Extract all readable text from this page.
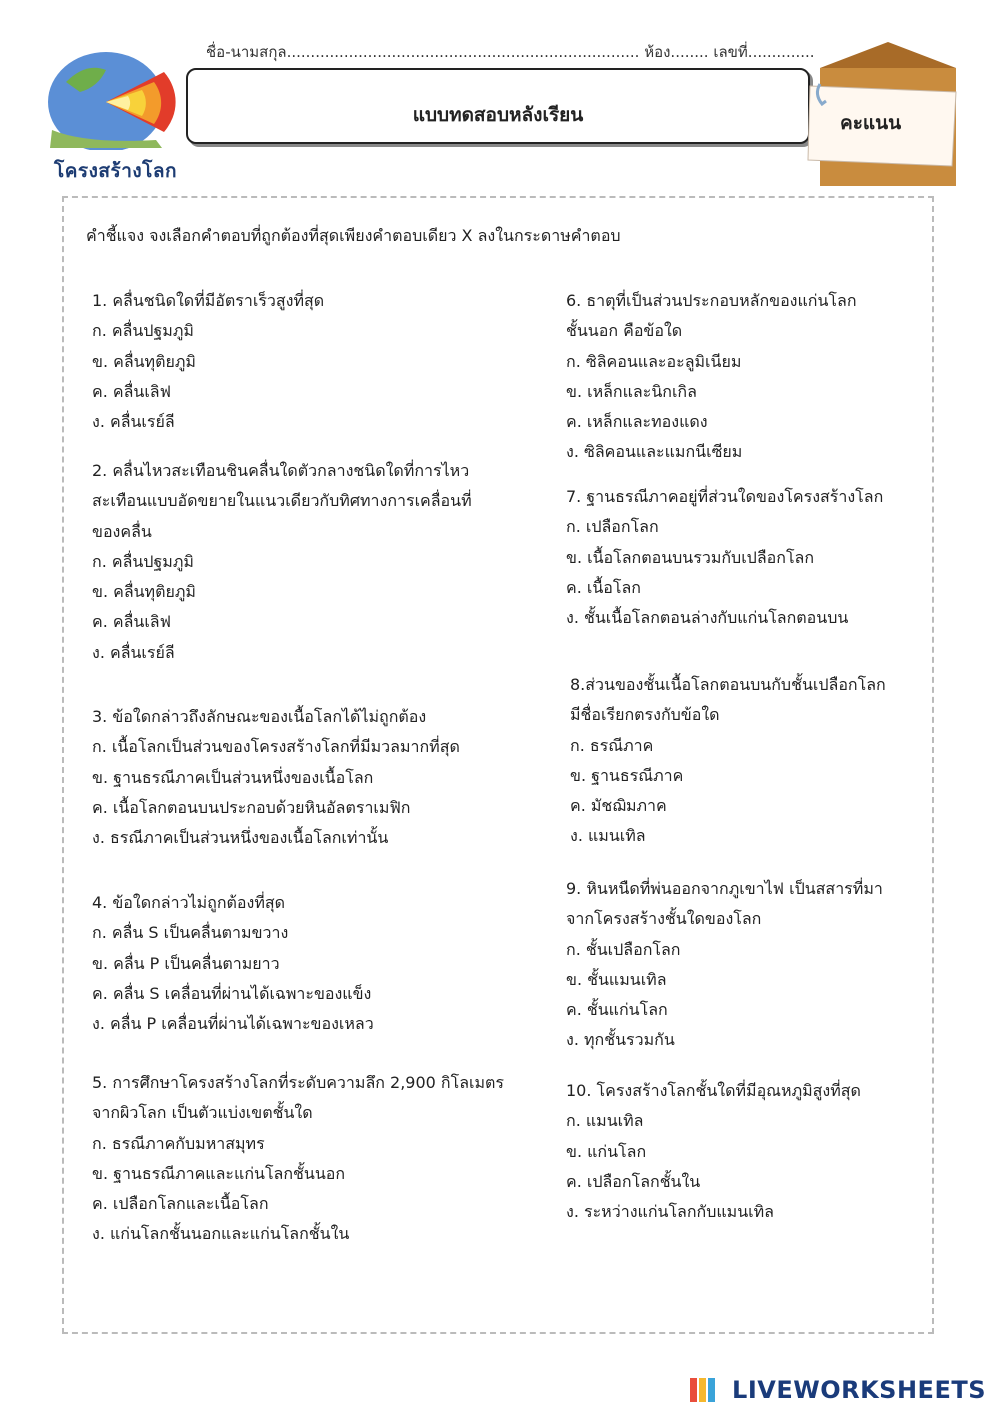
โครงสร้างโลก
ชื่อ-นามสกุล.......................................................................... ห้อง........ เลขที่..............
แบบทดสอบหลังเรียน	คะแนน
คำชี้แจง จงเลือกคำตอบที่ถูกต้องที่สุดเพียงคำตอบเดียว X ลงในกระดาษคำตอบ
1. คลื่นชนิดใดที่มีอัตราเร็วสูงที่สุด
ก. คลื่นปฐมภูมิ
ข. คลื่นทุติยภูมิ
ค. คลื่นเลิฟ
ง. คลื่นเรย์ลี
2. คลื่นไหวสะเทือนชินคลื่นใดตัวกลางชนิดใดที่การไหว
สะเทือนแบบอัดขยายในแนวเดียวกับทิศทางการเคลื่อนที่
ของคลื่น
ก. คลื่นปฐมภูมิ
ข. คลื่นทุติยภูมิ
ค. คลื่นเลิฟ
ง. คลื่นเรย์ลี
3. ข้อใดกล่าวถึงลักษณะของเนื้อโลกได้ไม่ถูกต้อง
ก. เนื้อโลกเป็นส่วนของโครงสร้างโลกที่มีมวลมากที่สุด
ข. ฐานธรณีภาคเป็นส่วนหนึ่งของเนื้อโลก
ค. เนื้อโลกตอนบนประกอบด้วยหินอัลตราเมฟิก
ง. ธรณีภาคเป็นส่วนหนึ่งของเนื้อโลกเท่านั้น
4. ข้อใดกล่าวไม่ถูกต้องที่สุด
ก. คลื่น S เป็นคลื่นตามขวาง
ข. คลื่น P เป็นคลื่นตามยาว
ค. คลื่น S เคลื่อนที่ผ่านได้เฉพาะของแข็ง
ง. คลื่น P เคลื่อนที่ผ่านได้เฉพาะของเหลว
5. การศึกษาโครงสร้างโลกที่ระดับความลึก 2,900 กิโลเมตร
จากผิวโลก เป็นตัวแบ่งเขตชั้นใด
ก. ธรณีภาคกับมหาสมุทร
ข. ฐานธรณีภาคและแก่นโลกชั้นนอก
ค. เปลือกโลกและเนื้อโลก
ง. แก่นโลกชั้นนอกและแก่นโลกชั้นใน
6. ธาตุที่เป็นส่วนประกอบหลักของแก่นโลก
ชั้นนอก คือข้อใด
ก. ซิลิคอนและอะลูมิเนียม
ข. เหล็กและนิกเกิล
ค. เหล็กและทองแดง
ง. ซิลิคอนและแมกนีเซียม
7. ฐานธรณีภาคอยู่ที่ส่วนใดของโครงสร้างโลก
ก. เปลือกโลก
ข. เนื้อโลกตอนบนรวมกับเปลือกโลก
ค. เนื้อโลก
ง. ชั้นเนื้อโลกตอนล่างกับแก่นโลกตอนบน
8.ส่วนของชั้นเนื้อโลกตอนบนกับชั้นเปลือกโลก
มีชื่อเรียกตรงกับข้อใด
ก. ธรณีภาค
ข. ฐานธรณีภาค
ค. มัชฌิมภาค
ง. แมนเทิล
9. หินหนืดที่พ่นออกจากภูเขาไฟ เป็นสสารที่มา
จากโครงสร้างชั้นใดของโลก
ก. ชั้นเปลือกโลก
ข. ชั้นแมนเทิล
ค. ชั้นแก่นโลก
ง. ทุกชั้นรวมกัน
10. โครงสร้างโลกชั้นใดที่มีอุณหภูมิสูงที่สุด
ก. แมนเทิล
ข. แก่นโลก
ค. เปลือกโลกชั้นใน
ง. ระหว่างแก่นโลกกับแมนเทิล
LIVEWORKSHEETS
